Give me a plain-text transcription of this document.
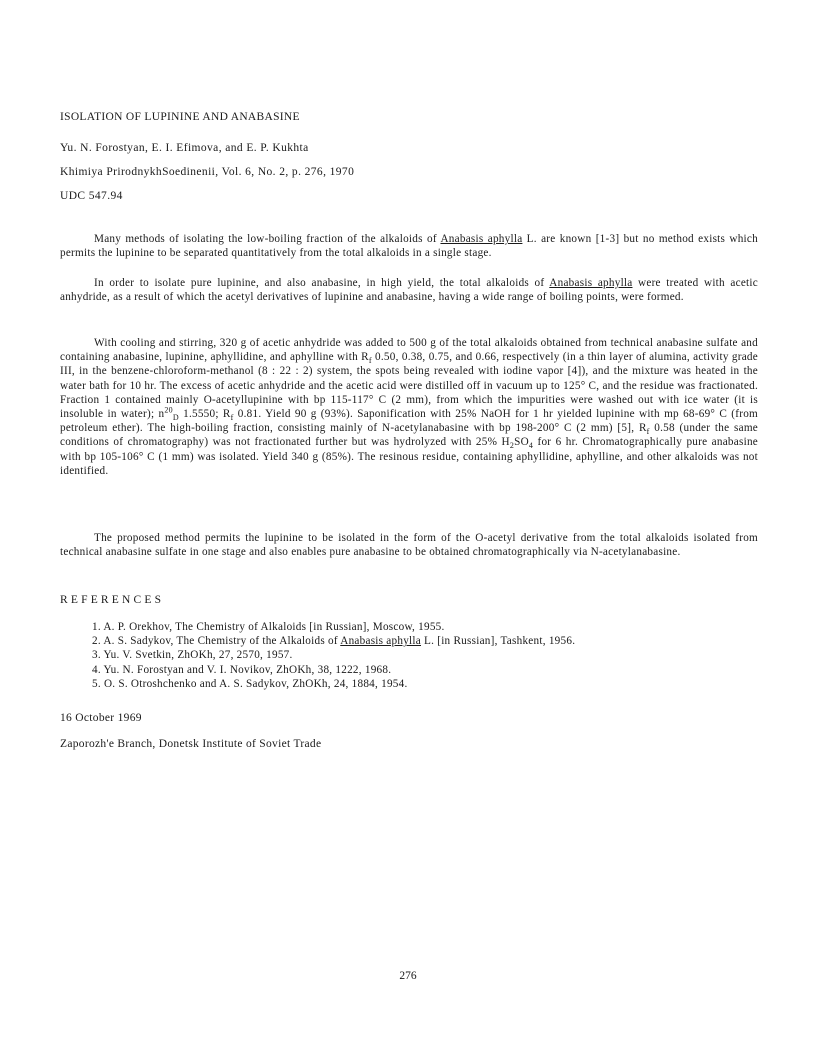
ISOLATION OF LUPININE AND ANABASINE
Yu. N. Forostyan, E. I. Efimova, and E. P. Kukhta
Khimiya PrirodnykhSoedinenii, Vol. 6, No. 2, p. 276, 1970
UDC 547.94

Many methods of isolating the low-boiling fraction of the alkaloids of Anabasis aphylla L. are known [1-3] but no method exists which permits the lupinine to be separated quantitatively from the total alkaloids in a single stage.

In order to isolate pure lupinine, and also anabasine, in high yield, the total alkaloids of Anabasis aphylla were treated with acetic anhydride, as a result of which the acetyl derivatives of lupinine and anabasine, having a wide range of boiling points, were formed.

With cooling and stirring, 320 g of acetic anhydride was added to 500 g of the total alkaloids obtained from technical anabasine sulfate and containing anabasine, lupinine, aphyllidine, and aphylline with $R_f$ 0.50, 0.38, 0.75, and 0.66, respectively (in a thin layer of alumina, activity grade III, in the benzene-chloroform-methanol (8 : 22 : 2) system, the spots being revealed with iodine vapor [4]), and the mixture was heated in the water bath for 10 hr. The excess of acetic anhydride and the acetic acid were distilled off in vacuum up to 125° C, and the residue was fractionated. Fraction 1 contained mainly O-acetyllupinine with bp 115-117° C (2 mm), from which the impurities were washed out with ice water (it is insoluble in water); $n^{20}_D$ 1.5550; $R_f$ 0.81. Yield 90 g (93%). Saponification with 25% NaOH for 1 hr yielded lupinine with mp 68-69° C (from petroleum ether). The high-boiling fraction, consisting mainly of N-acetylanabasine with bp 198-200° C (2 mm) [5], $R_f$ 0.58 (under the same conditions of chromatography) was not fractionated further but was hydrolyzed with 25% $H_2SO_4$ for 6 hr. Chromatographically pure anabasine with bp 105-106° C (1 mm) was isolated. Yield 340 g (85%). The resinous residue, containing aphyllidine, aphylline, and other alkaloids was not identified.

The proposed method permits the lupinine to be isolated in the form of the O-acetyl derivative from the total alkaloids isolated from technical anabasine sulfate in one stage and also enables pure anabasine to be obtained chromatographically via N-acetylanabasine.

REFERENCES
1. A. P. Orekhov, The Chemistry of Alkaloids [in Russian], Moscow, 1955.
2. A. S. Sadykov, The Chemistry of the Alkaloids of Anabasis aphylla L. [in Russian], Tashkent, 1956.
3. Yu. V. Svetkin, ZhOKh, 27, 2570, 1957.
4. Yu. N. Forostyan and V. I. Novikov, ZhOKh, 38, 1222, 1968.
5. O. S. Otroshchenko and A. S. Sadykov, ZhOKh, 24, 1884, 1954.
16 October 1969
Zaporozh'e Branch, Donetsk Institute of Soviet Trade
276
